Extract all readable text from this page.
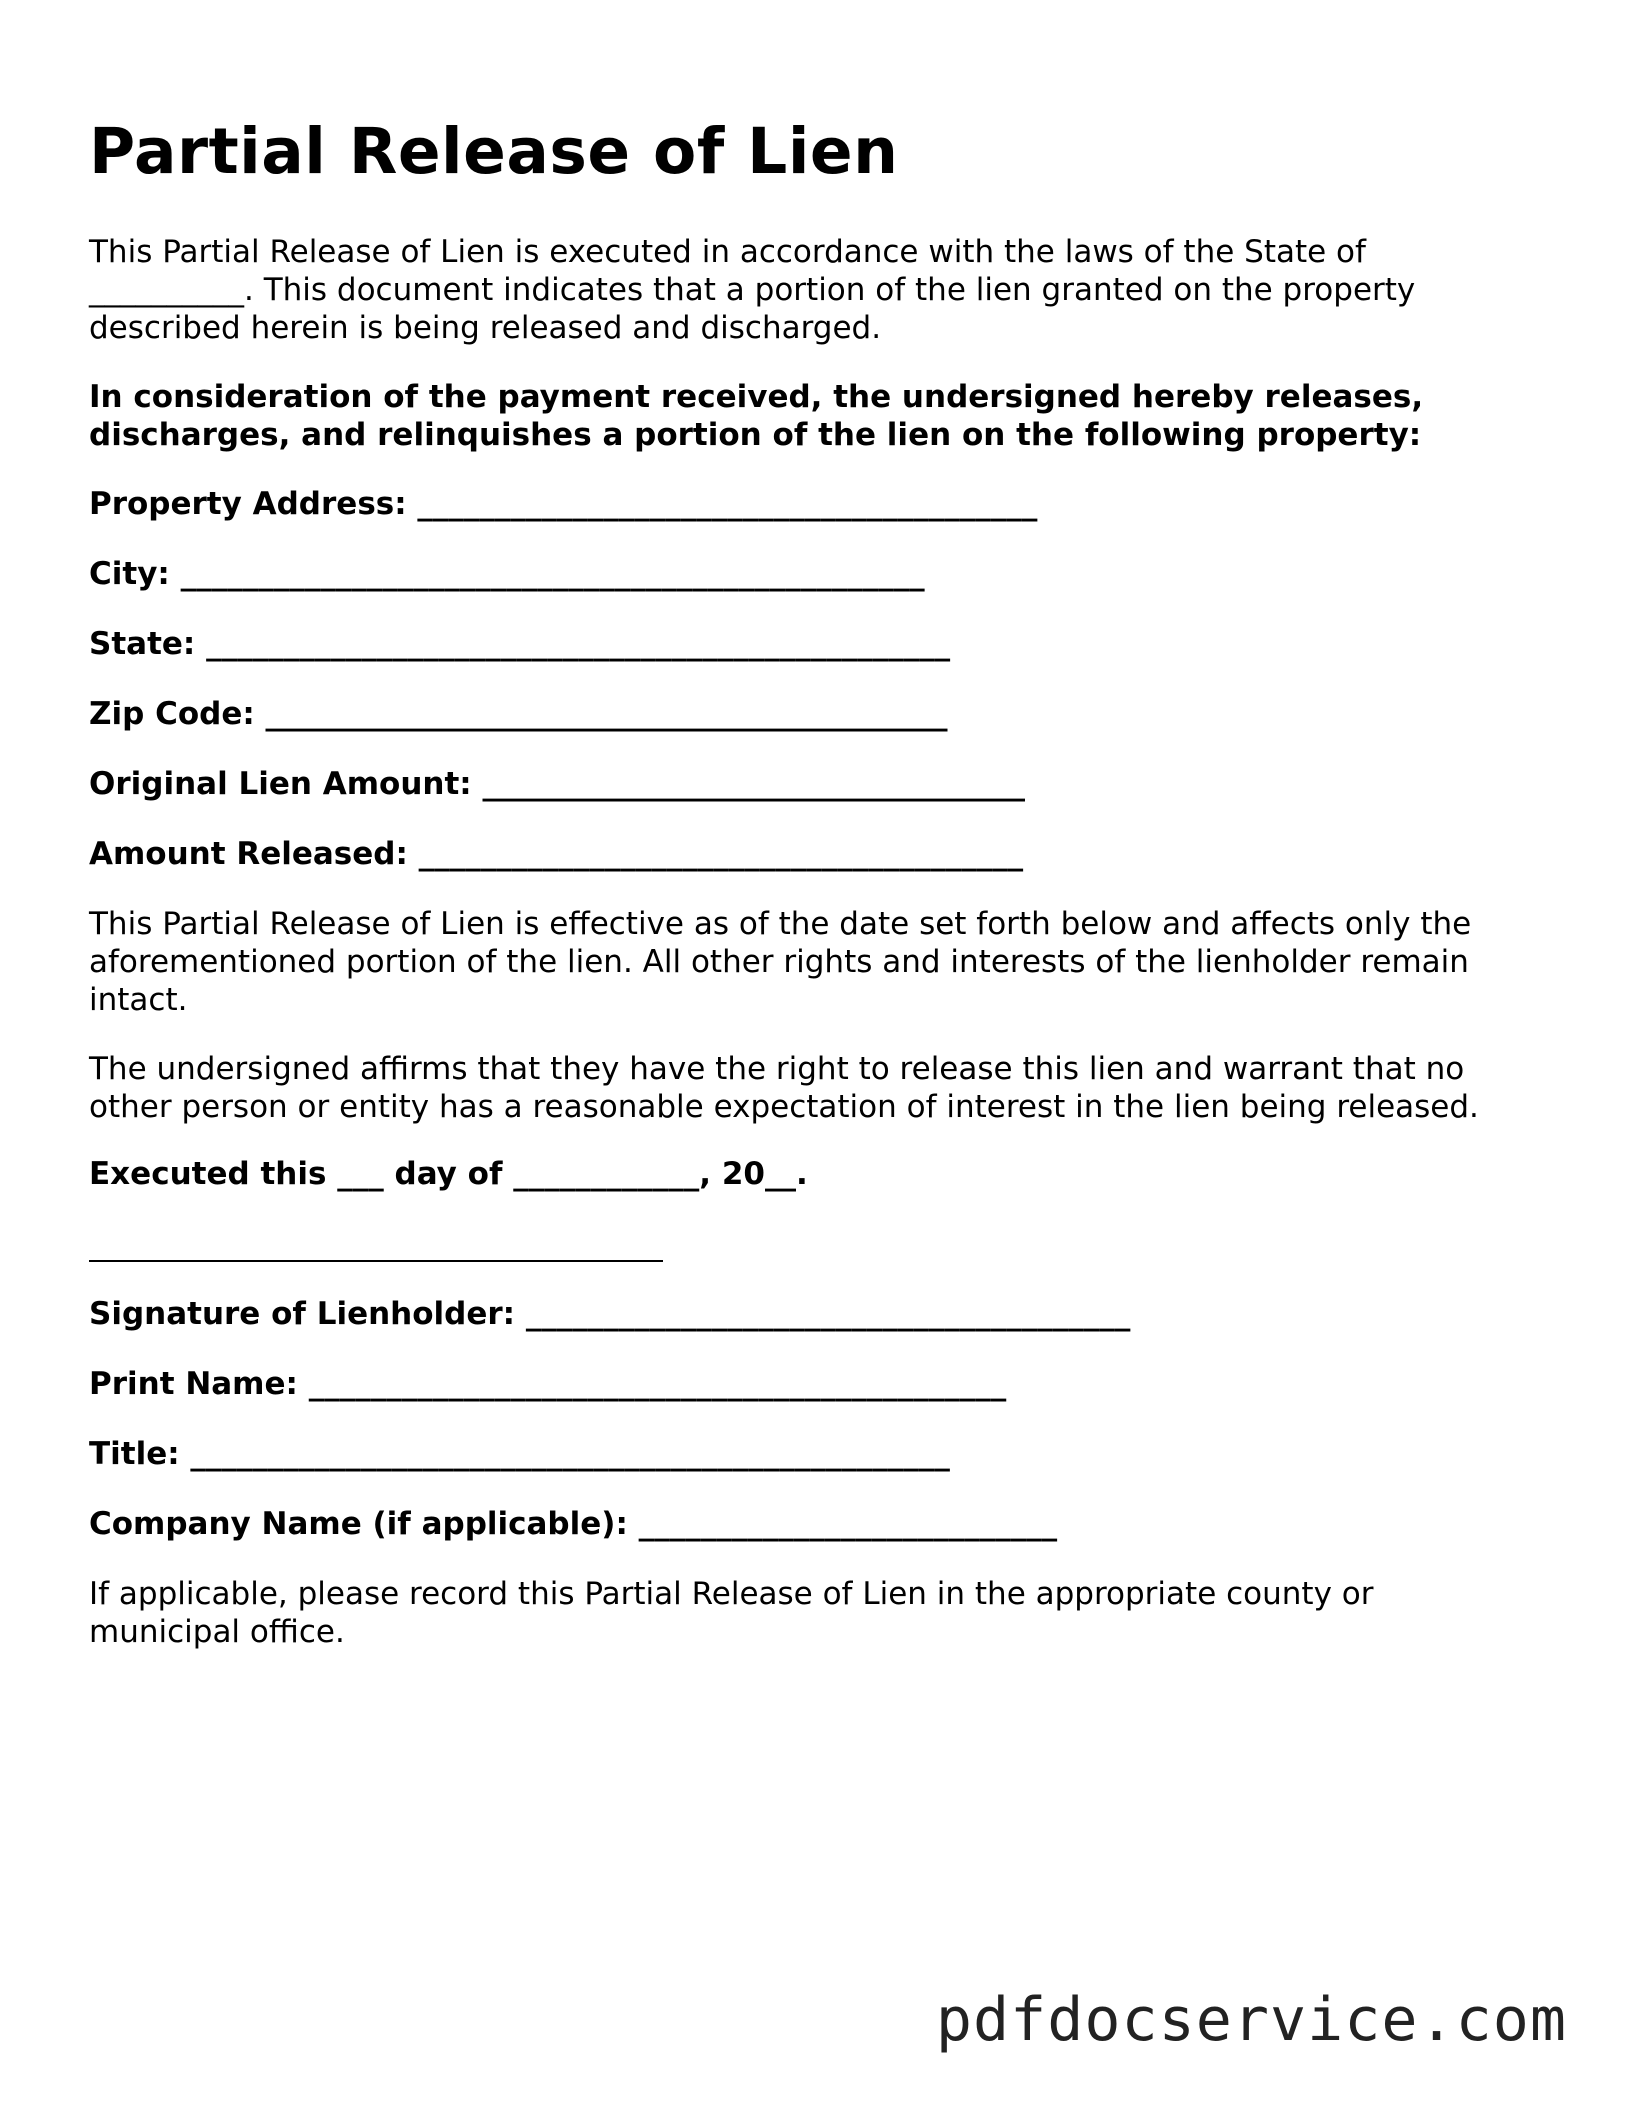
Partial Release of Lien

This Partial Release of Lien is executed in accordance with the laws of the State of __________. This document indicates that a portion of the lien granted on the property described herein is being released and discharged.

In consideration of the payment received, the undersigned hereby releases, discharges, and relinquishes a portion of the lien on the following property:

Property Address: ________________________________________

City: ________________________________________________

State: ________________________________________________

Zip Code: ____________________________________________

Original Lien Amount: ___________________________________

Amount Released: _______________________________________

This Partial Release of Lien is effective as of the date set forth below and affects only the aforementioned portion of the lien. All other rights and interests of the lienholder remain intact.

The undersigned affirms that they have the right to release this lien and warrant that no other person or entity has a reasonable expectation of interest in the lien being released.

Executed this ___ day of ____________, 20__.

Signature of Lienholder: _______________________________________

Print Name: _____________________________________________

Title: _________________________________________________

Company Name (if applicable): ___________________________

If applicable, please record this Partial Release of Lien in the appropriate county or municipal office.

pdfdocservice.com
